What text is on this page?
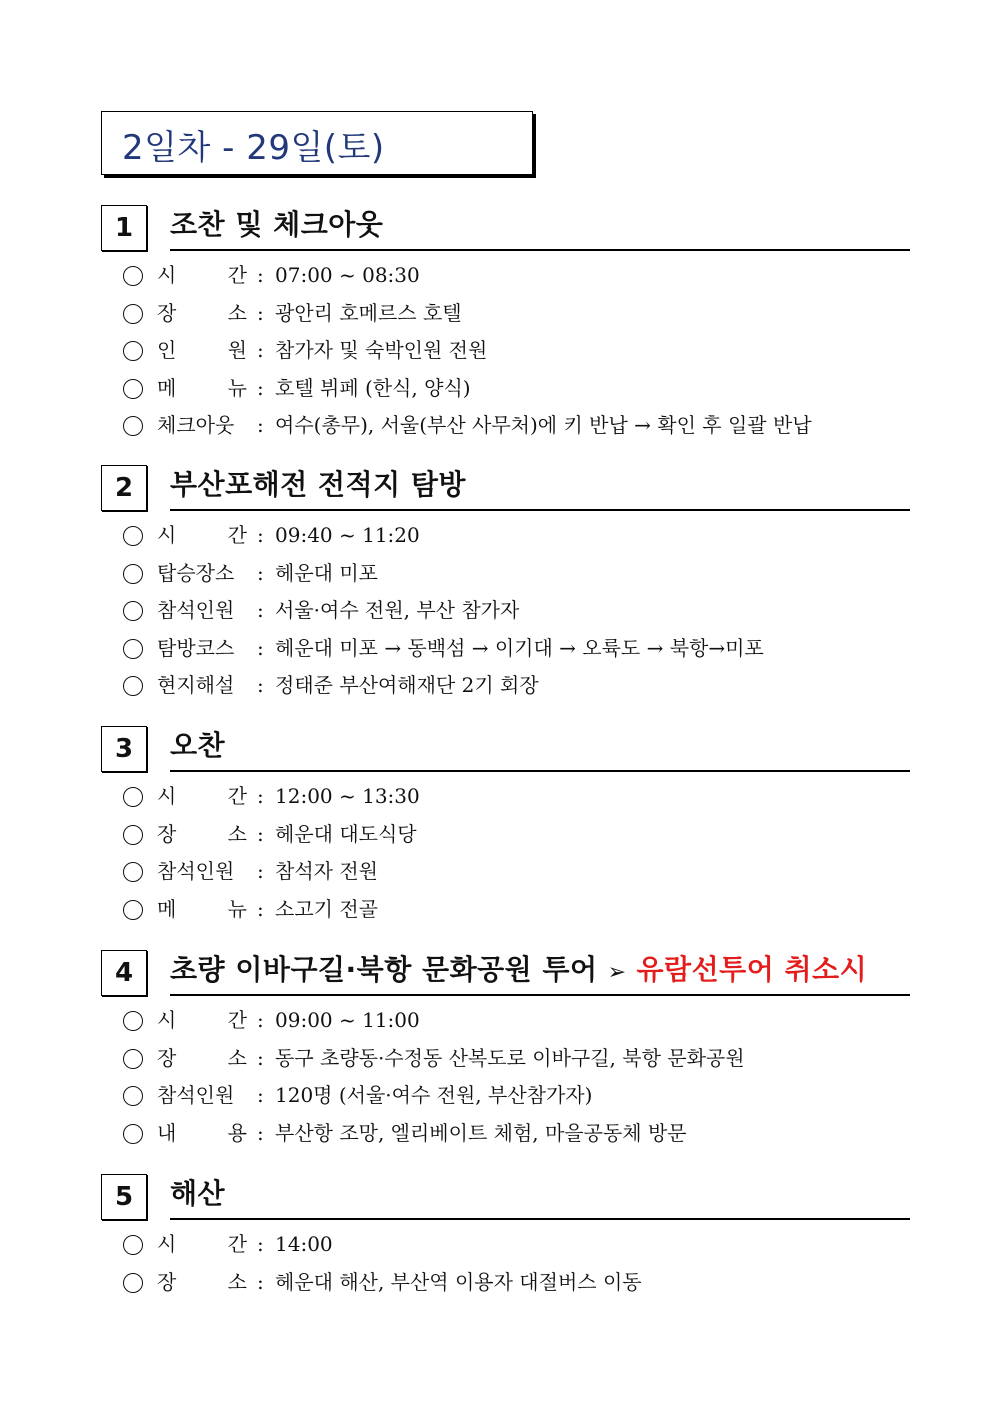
2일차 - 29일(토)
1	조찬 및 체크아웃
시	간 : 07:00 ~ 08:30
장	소 : 광안리 호메르스 호텔
인	원 : 참가자 및 숙박인원 전원
메	뉴 : 호텔 뷔페 (한식, 양식)
체크아웃 : 여수(총무), 서울(부산 사무처)에 키 반납 → 확인 후 일괄 반납
2	부산포해전 전적지 탐방
시	간 : 09:40 ~ 11:20
탑승장소 : 헤운대 미포
참석인원 : 서울·여수 전원, 부산 참가자
탐방코스 : 헤운대 미포 → 동백섬 → 이기대 → 오륙도 → 북항→미포
현지해설 : 정태준 부산여해재단 2기 회장
3	오찬
시	간 : 12:00 ~ 13:30
장	소 : 헤운대 대도식당
참석인원 : 참석자 전원
메	뉴 : 소고기 전골
4	초량 이바구길·북항 문화공원 투어 ➢ 유람선투어 취소시
시	간 : 09:00 ~ 11:00
장	소 : 동구 초량동·수정동 산복도로 이바구길, 북항 문화공원
참석인원 : 120명 (서울·여수 전원, 부산참가자)
내	용 : 부산항 조망, 엘리베이트 체험, 마을공동체 방문
5	해산
시	간 : 14:00
장	소 : 헤운대 해산, 부산역 이용자 대절버스 이동
